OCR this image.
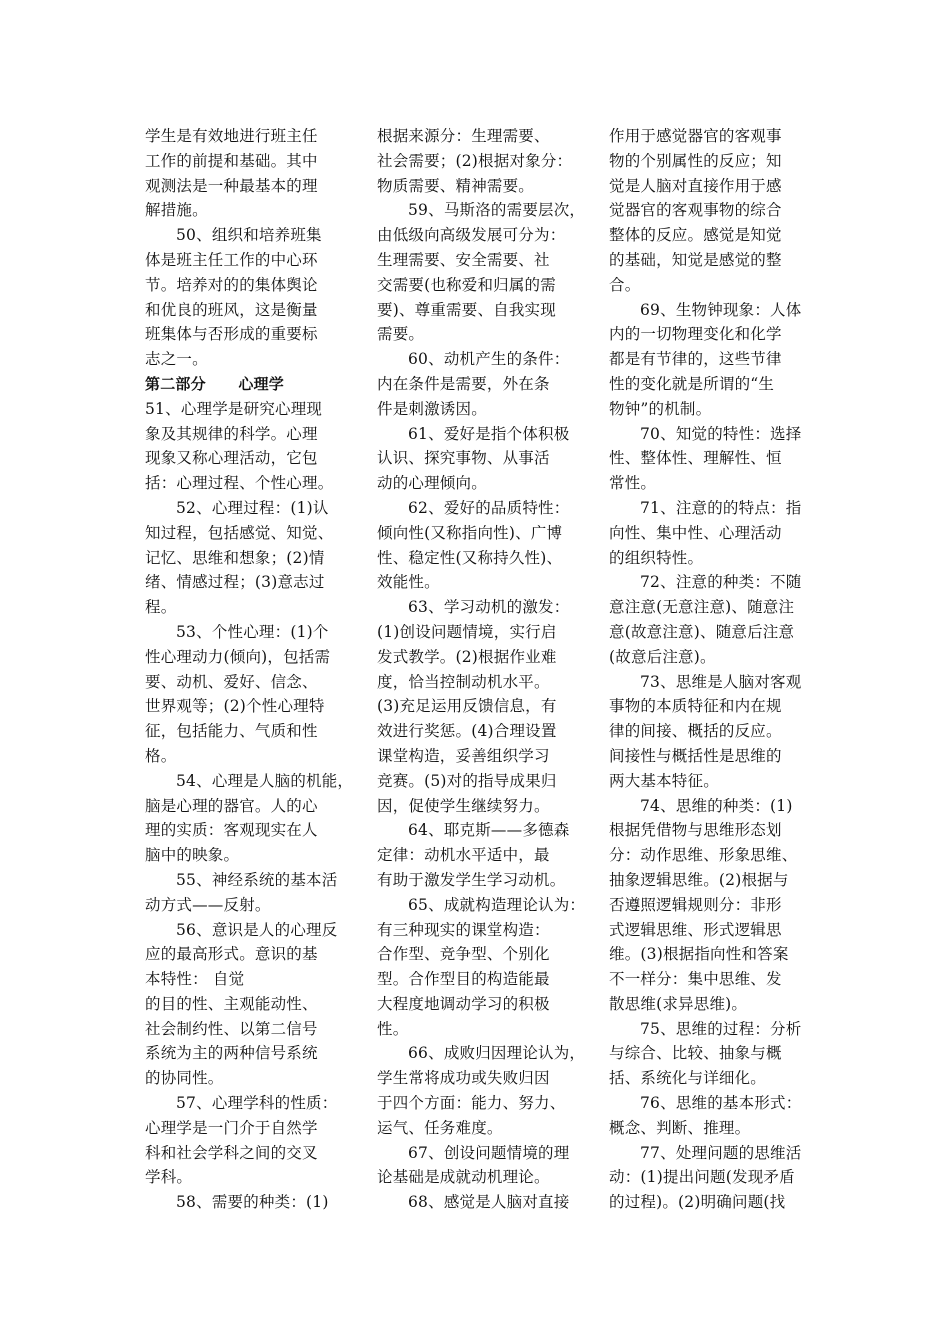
学生是有效地进行班主任
工作的前提和基础。其中
观测法是一种最基本的理
解措施。

50、组织和培养班集
体是班主任工作的中心环
节。培养对的的集体舆论
和优良的班风，这是衡量
班集体与否形成的重要标
志之一。

第二部分      心理学

51、心理学是研究心理现
象及其规律的科学。心理
现象又称心理活动，它包
括：心理过程、个性心理。

52、心理过程：(1)认
知过程，包括感觉、知觉、
记忆、思维和想象；(2)情
绪、情感过程；(3)意志过
程。

53、个性心理：(1)个
性心理动力(倾向)，包括需
要、动机、爱好、信念、
世界观等；(2)个性心理特
征，包括能力、气质和性
格。

54、心理是人脑的机能，
脑是心理的器官。人的心
理的实质：客观现实在人
脑中的映象。

55、神经系统的基本活
动方式——反射。

56、意识是人的心理反
应的最高形式。意识的基
本特性： 自觉
的目的性、主观能动性、
社会制约性、以第二信号
系统为主的两种信号系统
的协同性。

57、心理学科的性质：
心理学是一门介于自然学
科和社会学科之间的交叉
学科。

58、需要的种类：(1)

根据来源分：生理需要、
社会需要；(2)根据对象分：
物质需要、精神需要。

59、马斯洛的需要层次，
由低级向高级发展可分为：
生理需要、安全需要、社
交需要(也称爱和归属的需
要)、尊重需要、自我实现
需要。

60、动机产生的条件：
内在条件是需要，外在条
件是刺激诱因。

61、爱好是指个体积极
认识、探究事物、从事活
动的心理倾向。

62、爱好的品质特性：
倾向性(又称指向性)、广博
性、稳定性(又称持久性)、
效能性。

63、学习动机的激发：
(1)创设问题情境，实行启
发式教学。(2)根据作业难
度，恰当控制动机水平。
(3)充足运用反馈信息，有
效进行奖惩。(4)合理设置
课堂构造，妥善组织学习
竞赛。(5)对的指导成果归
因，促使学生继续努力。

64、耶克斯——多德森
定律：动机水平适中，最
有助于激发学生学习动机。

65、成就构造理论认为：
有三种现实的课堂构造：
合作型、竞争型、个别化
型。合作型目的构造能最
大程度地调动学习的积极
性。

66、成败归因理论认为，
学生常将成功或失败归因
于四个方面：能力、努力、
运气、任务难度。

67、创设问题情境的理
论基础是成就动机理论。

68、感觉是人脑对直接

作用于感觉器官的客观事
物的个别属性的反应；知
觉是人脑对直接作用于感
觉器官的客观事物的综合
整体的反应。感觉是知觉
的基础，知觉是感觉的整
合。

69、生物钟现象：人体
内的一切物理变化和化学
都是有节律的，这些节律
性的变化就是所谓的“生
物钟”的机制。

70、知觉的特性：选择
性、整体性、理解性、恒
常性。

71、注意的的特点：指
向性、集中性、心理活动
的组织特性。

72、注意的种类：不随
意注意(无意注意)、随意注
意(故意注意)、随意后注意
(故意后注意)。

73、思维是人脑对客观
事物的本质特征和内在规
律的间接、概括的反应。
间接性与概括性是思维的
两大基本特征。

74、思维的种类：(1)
根据凭借物与思维形态划
分：动作思维、形象思维、
抽象逻辑思维。(2)根据与
否遵照逻辑规则分：非形
式逻辑思维、形式逻辑思
维。(3)根据指向性和答案
不一样分：集中思维、发
散思维(求异思维)。

75、思维的过程：分析
与综合、比较、抽象与概
括、系统化与详细化。

76、思维的基本形式：
概念、判断、推理。

77、处理问题的思维活
动：(1)提出问题(发现矛盾
的过程)。(2)明确问题(找
